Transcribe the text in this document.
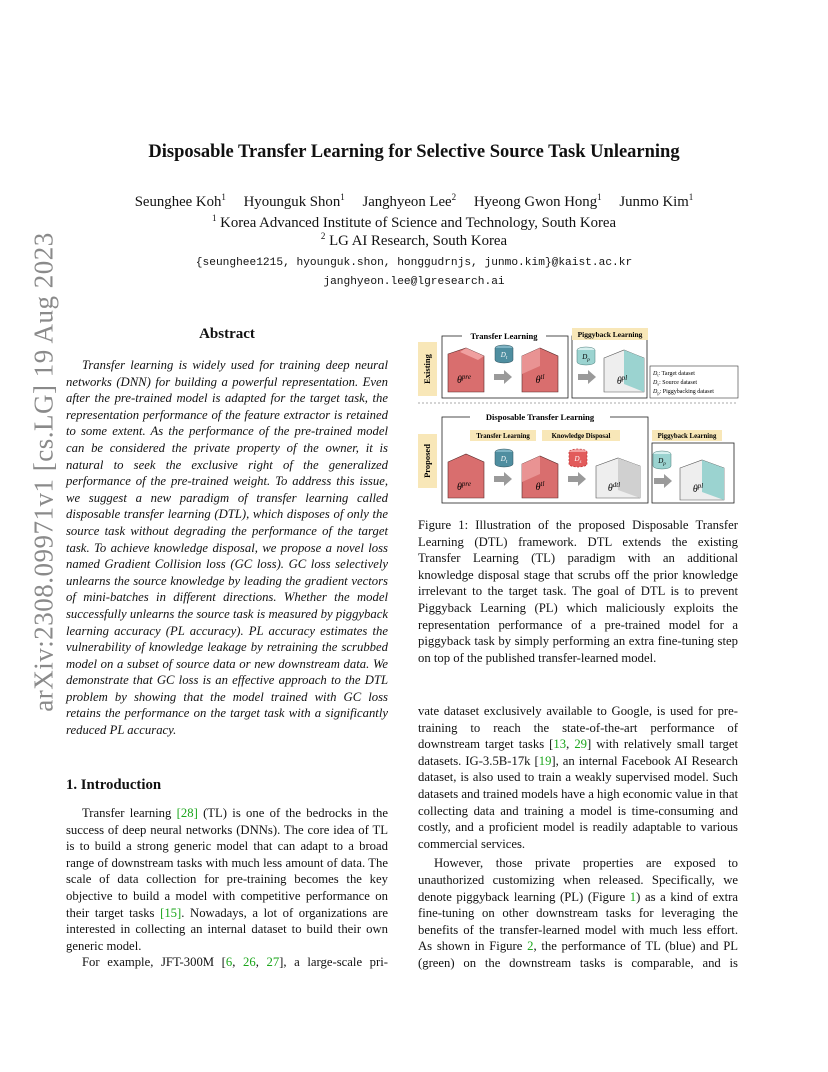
arXiv:2308.09971v1 [cs.LG] 19 Aug 2023
Disposable Transfer Learning for Selective Source Task Unlearning
Seunghee Koh$^1$ Hyounguk Shon$^1$ Janghyeon Lee$^2$ Hyeong Gwon Hong$^1$ Junmo Kim$^1$
$^1$ Korea Advanced Institute of Science and Technology, South Korea
$^2$ LG AI Research, South Korea
{seunghee1215, hyounguk.shon, honggudrnjs, junmo.kim}@kaist.ac.kr
janghyeon.lee@lgresearch.ai
Abstract

Transfer learning is widely used for training deep neural networks (DNN) for building a powerful representation. Even after the pre-trained model is adapted for the target task, the representation performance of the feature extractor is retained to some extent. As the performance of the pre-trained model can be considered the private property of the owner, it is natural to seek the exclusive right of the generalized performance of the pre-trained weight. To address this issue, we suggest a new paradigm of transfer learning called disposable transfer learning (DTL), which disposes of only the source task without degrading the performance of the target task. To achieve knowledge disposal, we propose a novel loss named Gradient Collision loss (GC loss). GC loss selectively unlearns the source knowledge by leading the gradient vectors of mini-batches in different directions. Whether the model successfully unlearns the source task is measured by piggyback learning accuracy (PL accuracy). PL accuracy estimates the vulnerability of knowledge leakage by retraining the scrubbed model on a subset of source data or new downstream data. We demonstrate that GC loss is an effective approach to the DTL problem by showing that the model trained with GC loss retains the performance on the target task with a significantly reduced PL accuracy.

1. Introduction

Transfer learning [28] (TL) is one of the bedrocks in the success of deep neural networks (DNNs). The core idea of TL is to build a strong generic model that can adapt to a broad range of downstream tasks with much less amount of data. The scale of data collection for pre-training becomes the key objective to build a model with competitive performance on their target tasks [15]. Nowadays, a lot of organizations are interested in collecting an internal dataset to build their own generic model.

For example, JFT-300M [6, 26, 27], a large-scale pri-

Existing
Transfer Learning	Piggyback Learning
$\theta^{pre}$
$D_t$
$\theta^{tl}$
$D_p$
$\theta^{pl}$	$D_t$: Target dataset
$D_s$: Source dataset
$D_p$: Piggybacking dataset
Proposed
Disposable Transfer Learning
Transfer Learning	Knowledge Disposal	Piggyback Learning
$\theta^{pre}$
$D_t$
$\theta^{tl}$
$D_s$
$\theta^{dtl}$
$D_p$
$\theta^{pl}$

Figure 1: Illustration of the proposed Disposable Transfer Learning (DTL) framework. DTL extends the existing Transfer Learning (TL) paradigm with an additional knowledge disposal stage that scrubs off the prior knowledge irrelevant to the target task. The goal of DTL is to prevent Piggyback Learning (PL) which maliciously exploits the representation performance of a pre-trained model for a piggyback task by simply performing an extra fine-tuning step on top of the published transfer-learned model.

vate dataset exclusively available to Google, is used for pre-training to reach the state-of-the-art performance of downstream target tasks [13, 29] with relatively small target datasets. IG-3.5B-17k [19], an internal Facebook AI Research dataset, is also used to train a weakly supervised model. Such datasets and trained models have a high economic value in that collecting data and training a model is time-consuming and costly, and a proficient model is readily adaptable to various commercial services.

However, those private properties are exposed to unauthorized customizing when released. Specifically, we denote piggyback learning (PL) (Figure 1) as a kind of extra fine-tuning on other downstream tasks for leveraging the benefits of the transfer-learned model with much less effort. As shown in Figure 2, the performance of TL (blue) and PL (green) on the downstream tasks is comparable, and is
